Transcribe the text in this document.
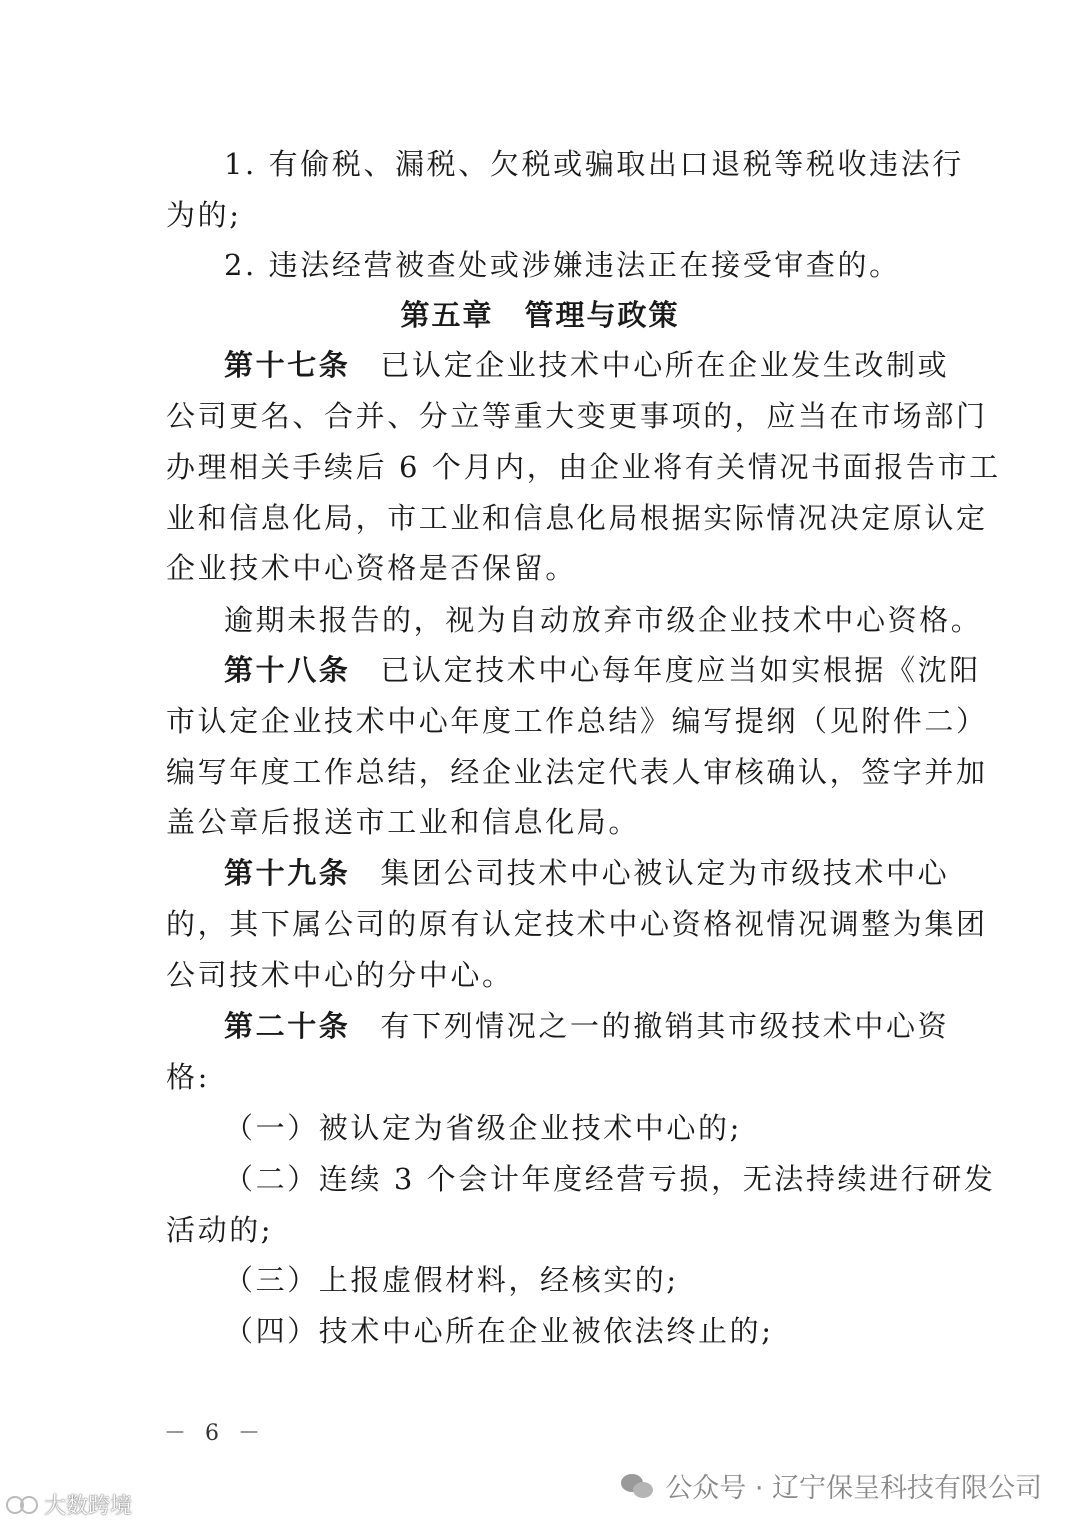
1. 有偷税、漏税、欠税或骗取出口退税等税收违法行
为的;
2. 违法经营被查处或涉嫌违法正在接受审查的。
第五章　管理与政策
第十七条 已认定企业技术中心所在企业发生改制或
公司更名、合并、分立等重大变更事项的，应当在市场部门
办理相关手续后 6 个月内，由企业将有关情况书面报告市工
业和信息化局，市工业和信息化局根据实际情况决定原认定
企业技术中心资格是否保留。
逾期未报告的，视为自动放弃市级企业技术中心资格。
第十八条 已认定技术中心每年度应当如实根据《沈阳
市认定企业技术中心年度工作总结》编写提纲（见附件二）
编写年度工作总结，经企业法定代表人审核确认，签字并加
盖公章后报送市工业和信息化局。
第十九条 集团公司技术中心被认定为市级技术中心
的，其下属公司的原有认定技术中心资格视情况调整为集团
公司技术中心的分中心。
第二十条 有下列情况之一的撤销其市级技术中心资
格:
（一）被认定为省级企业技术中心的;
（二）连续 3 个会计年度经营亏损，无法持续进行研发
活动的;
（三）上报虚假材料，经核实的;
（四）技术中心所在企业被依法终止的;
－ 6 －
公众号 · 辽宁保呈科技有限公司
大数跨境
